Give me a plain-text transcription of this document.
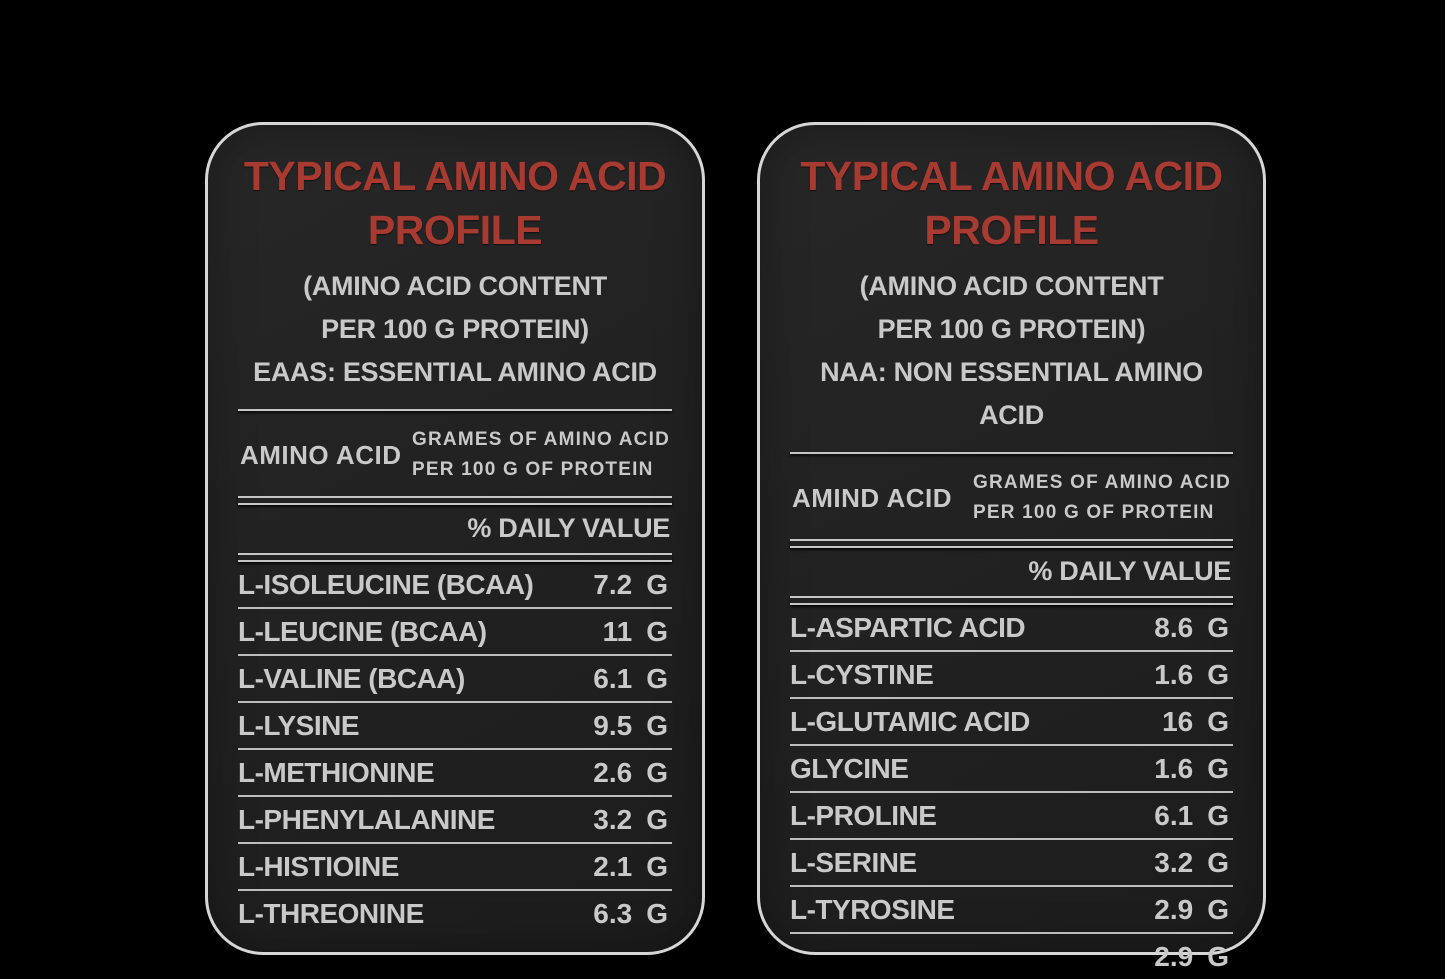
TYPICAL AMINO ACID
PROFILE
(AMINO ACID CONTENT
PER 100 G PROTEIN)
EAAS: ESSENTIAL AMINO ACID
AMINO ACID GRAMES OF AMINO ACID
PER 100 G OF PROTEIN
% DAILY VALUE
L-ISOLEUCINE (BCAA) 7.2 G
L-LEUCINE (BCAA)	11 G
L-VALINE (BCAA)	6.1 G
L-LYSINE	9.5 G
L-METHIONINE	2.6 G
L-PHENYLALANINE	3.2 G
L-HISTIOINE	2.1 G
L-THREONINE	6.3 G
TYPICAL AMINO ACID
PROFILE
(AMINO ACID CONTENT
PER 100 G PROTEIN)
NAA: NON ESSENTIAL AMINO ACID
AMIND ACID GRAMES OF AMINO ACID
PER 100 G OF PROTEIN
% DAILY VALUE
L-ASPARTIC ACID	8.6 G
L-CYSTINE	1.6 G
L-GLUTAMIC ACID	16 G
GLYCINE	1.6 G
L-PROLINE	6.1 G
L-SERINE	3.2 G
L-TYROSINE	2.9 G
2.9 G
